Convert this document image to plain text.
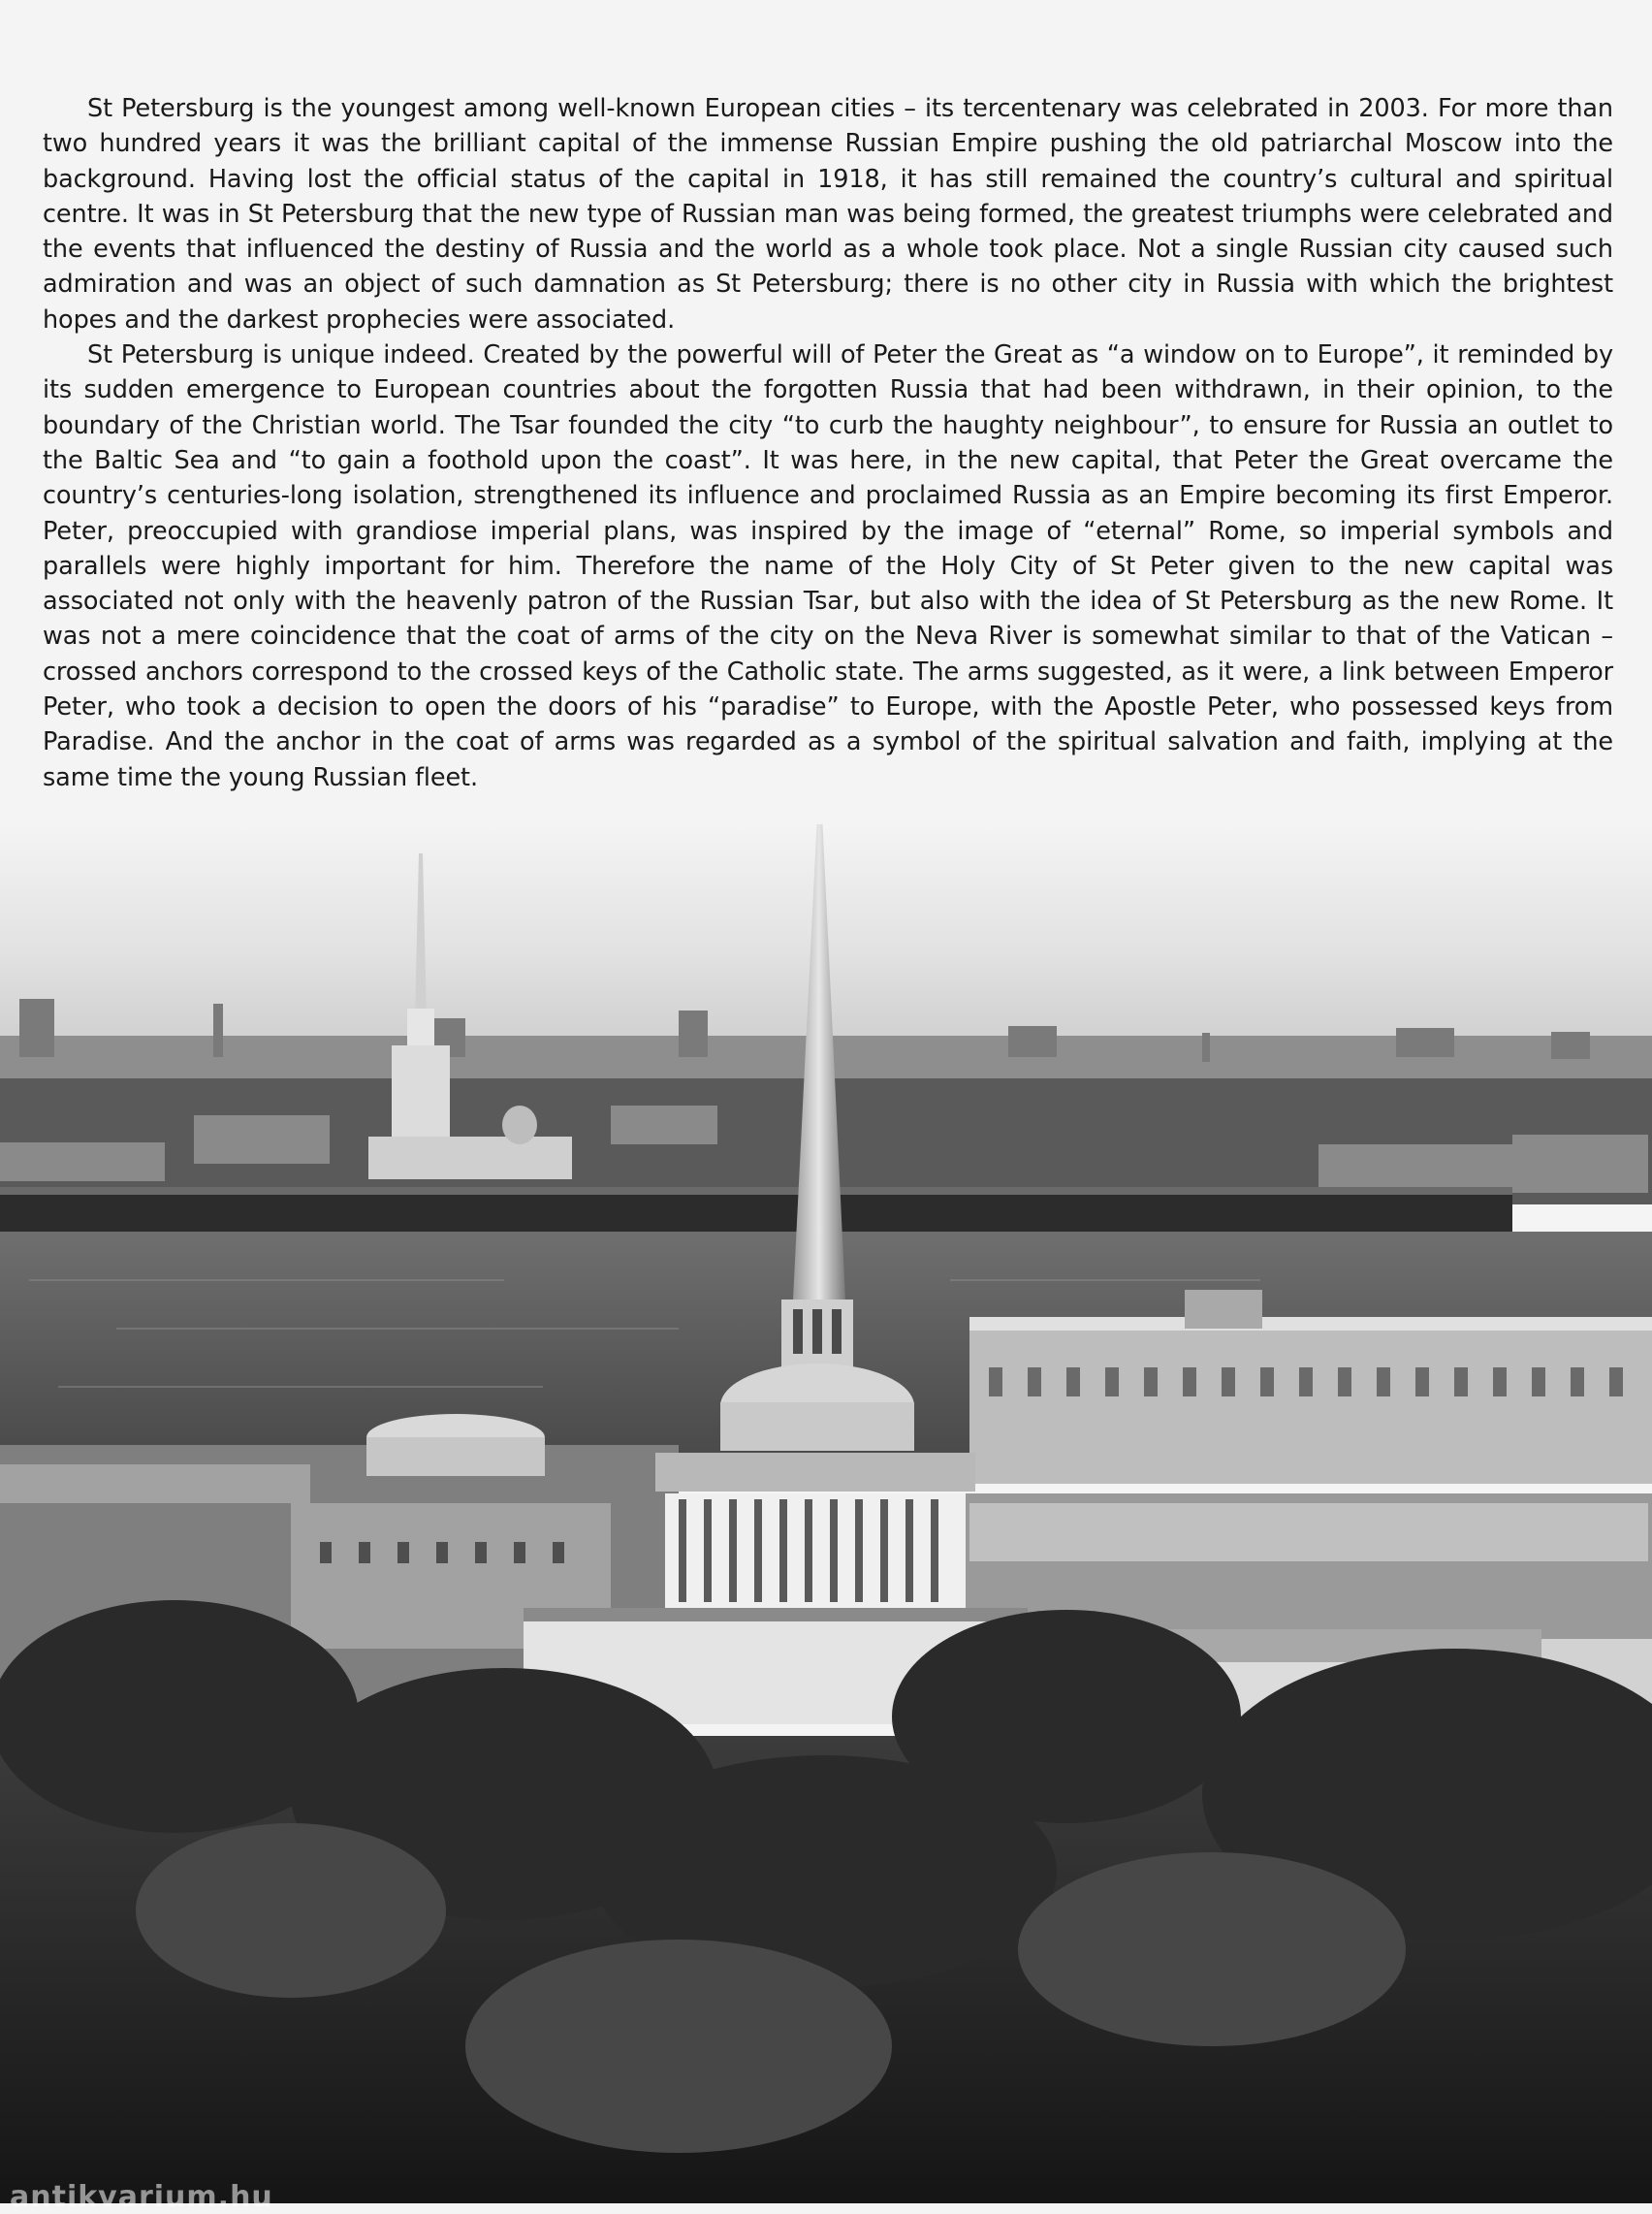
St Petersburg is the youngest among well-known European cities – its tercentenary was celebrated in 2003. For more than two hundred years it was the brilliant capital of the immense Russian Empire pushing the old patriarchal Moscow into the background. Having lost the official status of the capital in 1918, it has still remained the country’s cultural and spiritual centre. It was in St Petersburg that the new type of Russian man was being formed, the greatest triumphs were celebrated and the events that influenced the destiny of Russia and the world as a whole took place. Not a single Russian city caused such admiration and was an object of such damnation as St Petersburg; there is no other city in Russia with which the brightest hopes and the darkest prophecies were associated.

St Petersburg is unique indeed. Created by the powerful will of Peter the Great as “a window on to Europe”, it reminded by its sudden emergence to European countries about the forgotten Russia that had been withdrawn, in their opinion, to the boundary of the Christian world. The Tsar founded the city “to curb the haughty neighbour”, to ensure for Russia an outlet to the Baltic Sea and “to gain a foothold upon the coast”. It was here, in the new capital, that Peter the Great overcame the country’s centuries-long isolation, strengthened its influence and proclaimed Russia as an Empire becoming its first Emperor. Peter, preoccupied with grandiose imperial plans, was inspired by the image of “eternal” Rome, so imperial symbols and parallels were highly important for him. Therefore the name of the Holy City of St Peter given to the new capital was associated not only with the heavenly patron of the Russian Tsar, but also with the idea of St Petersburg as the new Rome. It was not a mere coincidence that the coat of arms of the city on the Neva River is somewhat similar to that of the Vatican – crossed anchors correspond to the crossed keys of the Catholic state. The arms suggested, as it were, a link between Emperor Peter, who took a decision to open the doors of his “paradise” to Europe, with the Apostle Peter, who possessed keys from Paradise. And the anchor in the coat of arms was regarded as a symbol of the spiritual salvation and faith, implying at the same time the young Russian fleet.

antikvarium.hu
